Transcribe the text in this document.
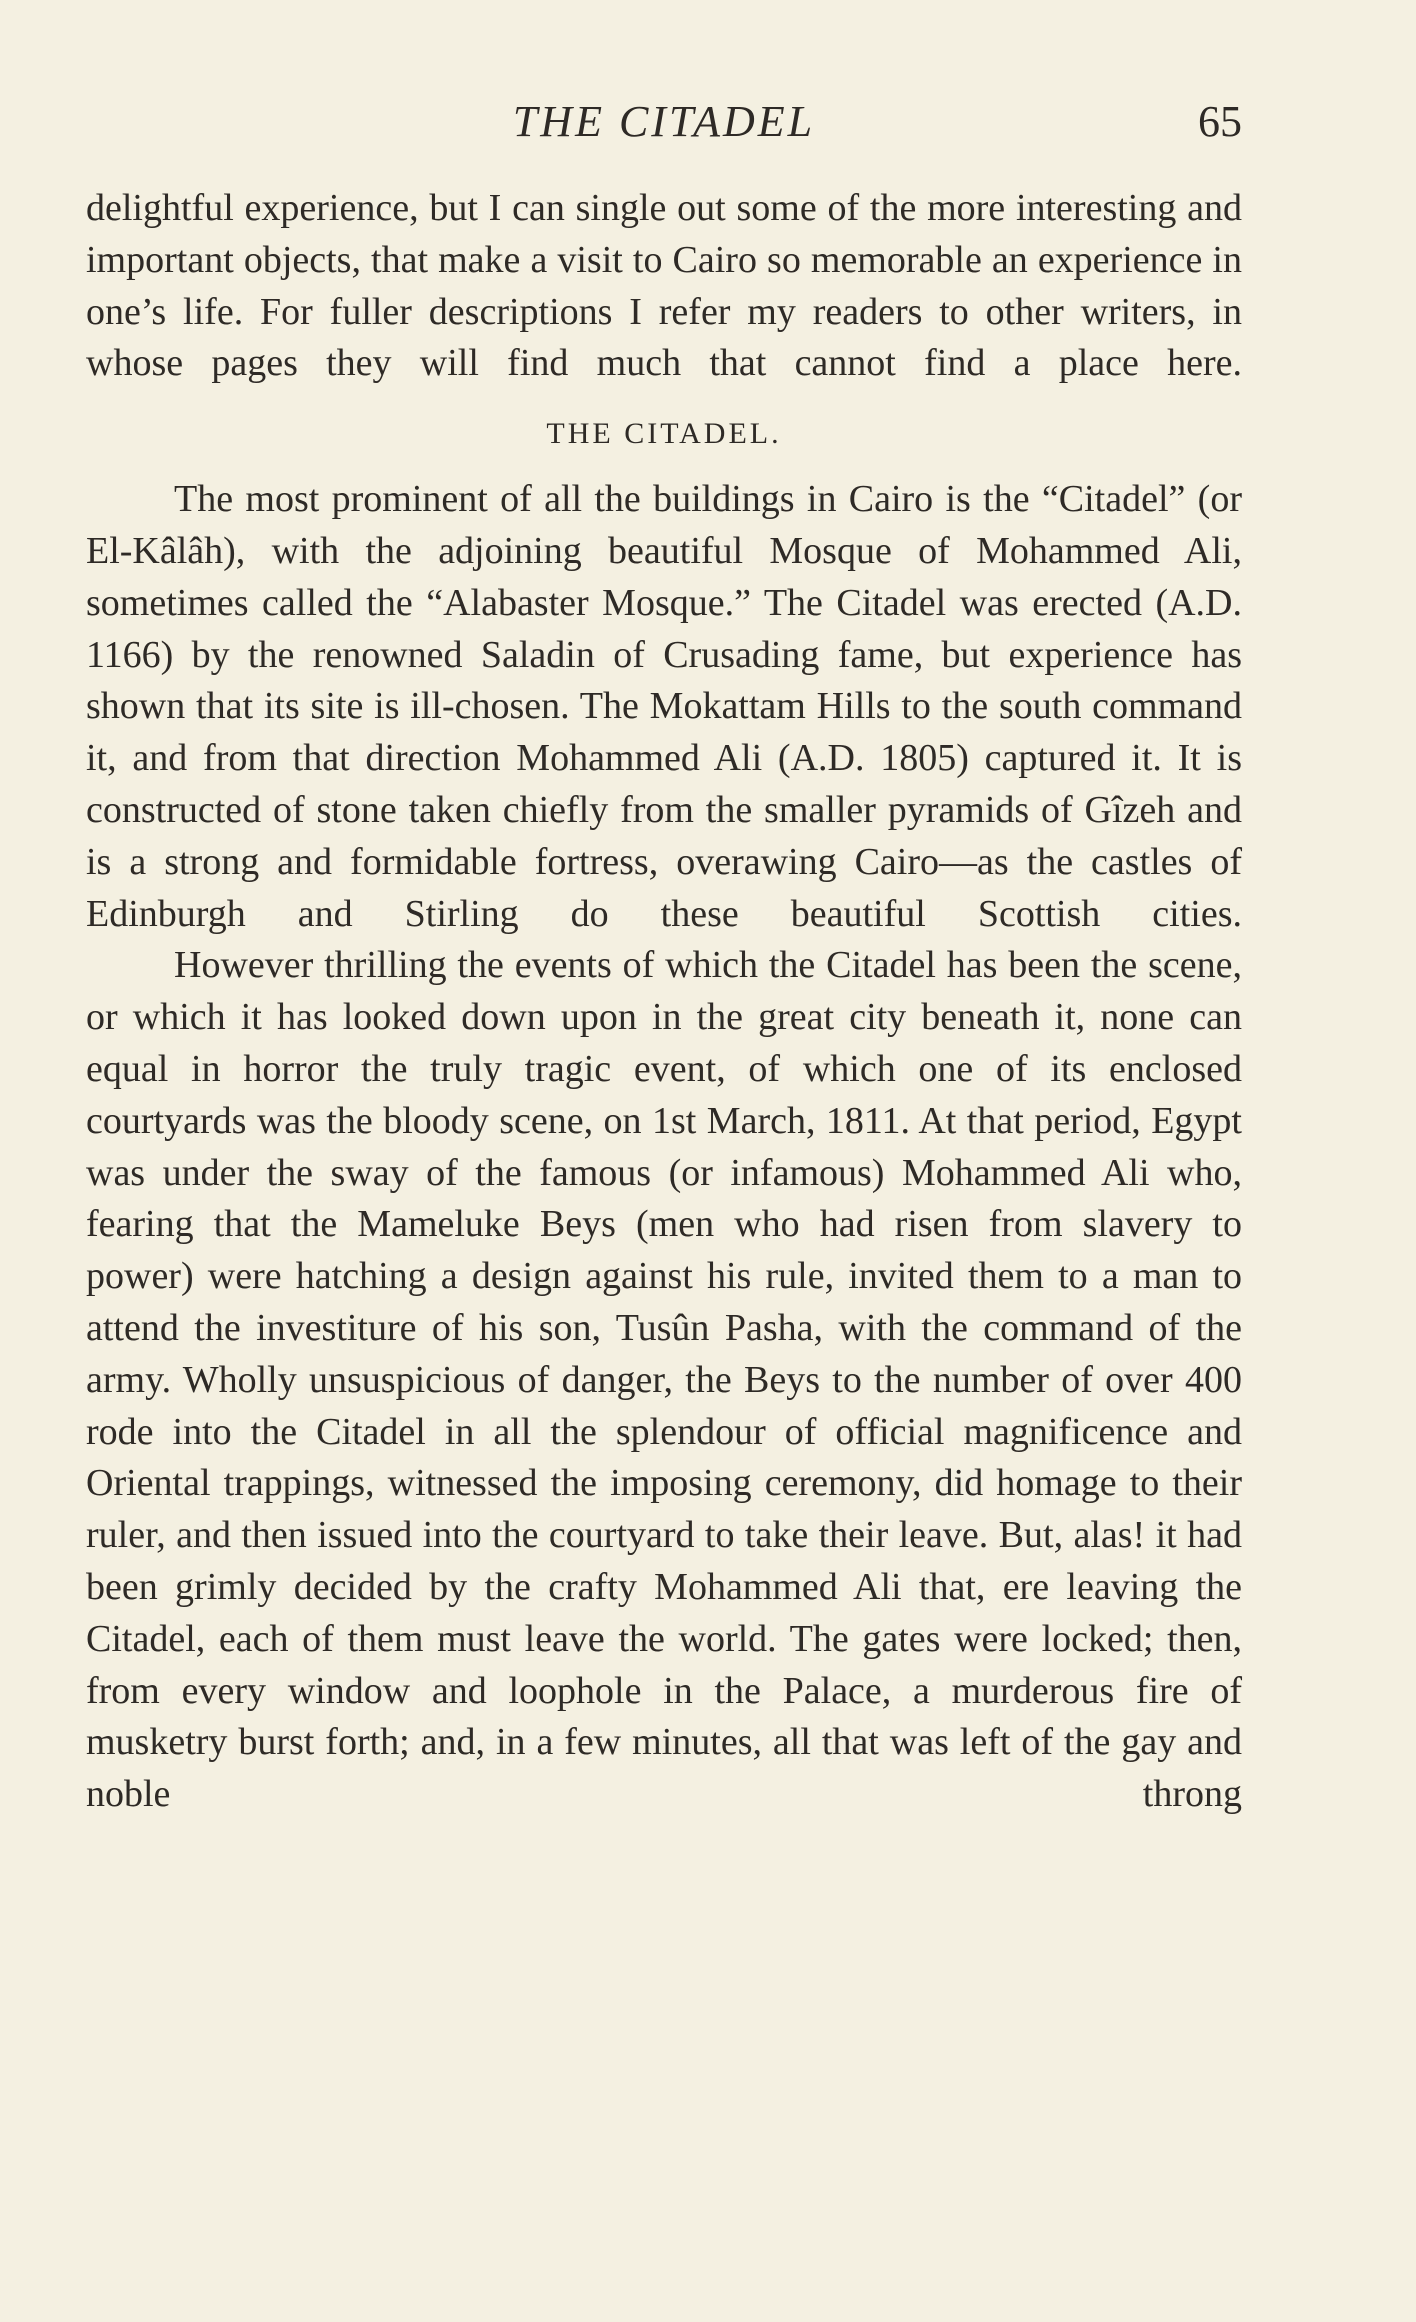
THE CITADEL	65

delightful experience, but I can single out some of the more interesting and important objects, that make a visit to Cairo so memorable an experience in one’s life. For fuller descriptions I refer my readers to other writers, in whose pages they will find much that cannot find a place here.

THE CITADEL.

The most prominent of all the buildings in Cairo is the “Citadel” (or El-Kâlâh), with the adjoining beautiful Mosque of Mohammed Ali, sometimes called the “Alabaster Mosque.” The Citadel was erected (A.D. 1166) by the renowned Saladin of Crusading fame, but experience has shown that its site is ill-chosen. The Mokattam Hills to the south command it, and from that direction Mohammed Ali (A.D. 1805) captured it. It is constructed of stone taken chiefly from the smaller pyramids of Gîzeh and is a strong and formidable fortress, overawing Cairo—as the castles of Edinburgh and Stirling do these beautiful Scottish cities.

However thrilling the events of which the Citadel has been the scene, or which it has looked down upon in the great city beneath it, none can equal in horror the truly tragic event, of which one of its enclosed courtyards was the bloody scene, on 1st March, 1811. At that period, Egypt was under the sway of the famous (or infamous) Mohammed Ali who, fearing that the Mameluke Beys (men who had risen from slavery to power) were hatching a design against his rule, invited them to a man to attend the investiture of his son, Tusûn Pasha, with the command of the army. Wholly unsuspicious of danger, the Beys to the number of over 400 rode into the Citadel in all the splendour of official magnificence and Oriental trappings, witnessed the imposing ceremony, did homage to their ruler, and then issued into the courtyard to take their leave. But, alas! it had been grimly decided by the crafty Mohammed Ali that, ere leaving the Citadel, each of them must leave the world. The gates were locked; then, from every window and loophole in the Palace, a murderous fire of musketry burst forth; and, in a few minutes, all that was left of the gay and noble throng
